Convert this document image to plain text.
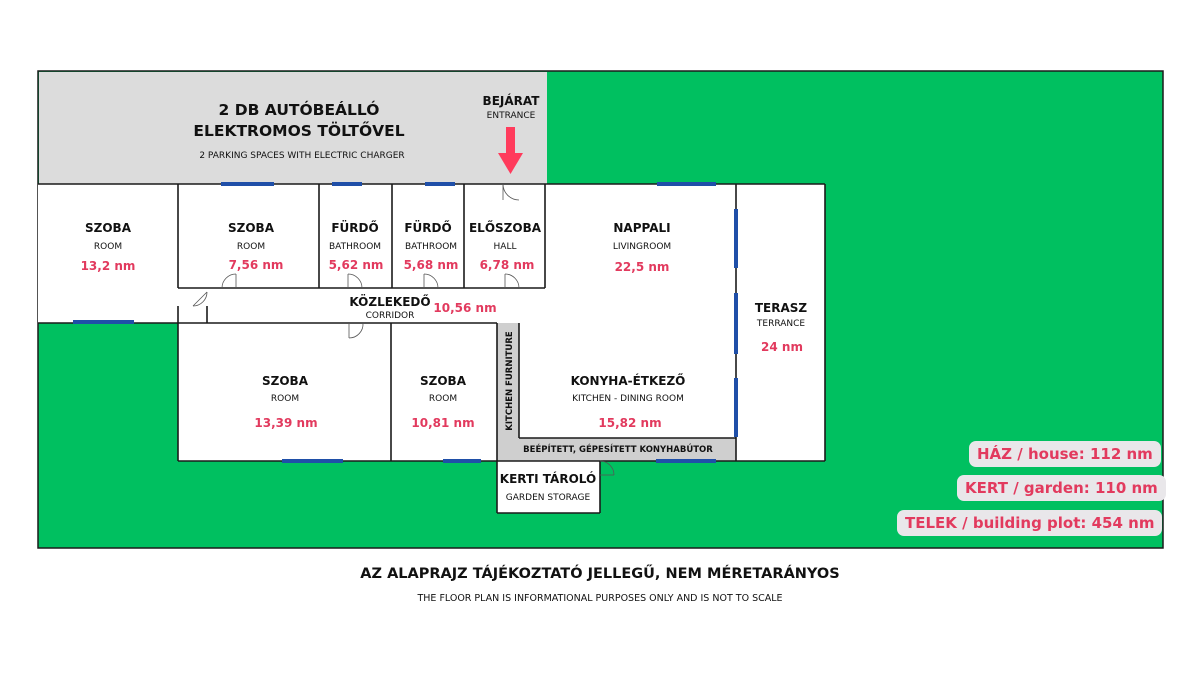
2 DB AUTÓBEÁLLÓ
ELEKTROMOS TÖLTŐVEL
2 PARKING SPACES WITH ELECTRIC CHARGER
BEJÁRAT
ENTRANCE
SZOBA
ROOM
13,2 nm
SZOBA
ROOM
7,56 nm
FÜRDŐ
BATHROOM
5,62 nm
FÜRDŐ
BATHROOM
5,68 nm
ELŐSZOBA
HALL
6,78 nm
NAPPALI
LIVINGROOM
22,5 nm
KÖZLEKEDŐ
CORRIDOR
10,56 nm	TERASZ
TERRANCE
24 nm
SZOBA
ROOM
13,39 nm
SZOBA
ROOM
10,81 nm
KONYHA-ÉTKEZŐ
KITCHEN - DINING ROOM
15,82 nm
KERTI TÁROLÓ
GARDEN STORAGE
KITCHEN FURNITURE
BEÉPÍTETT, GÉPESÍTETT KONYHABÚTOR	HÁZ / house: 112 nm
KERT / garden: 110 nm
TELEK / building plot: 454 nm
AZ ALAPRAJZ TÁJÉKOZTATÓ JELLEGŰ, NEM MÉRETARÁNYOS
THE FLOOR PLAN IS INFORMATIONAL PURPOSES ONLY AND IS NOT TO SCALE
